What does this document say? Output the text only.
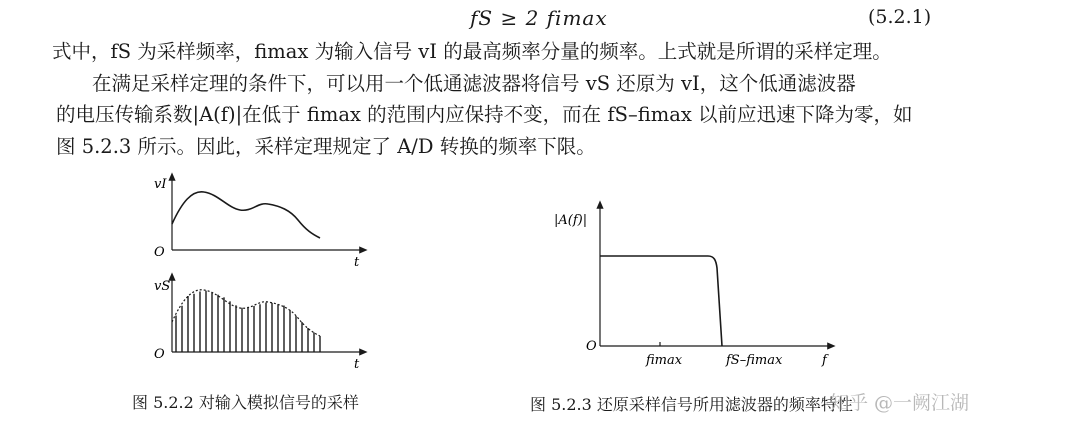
fS ≥ 2 fimax	(5.2.1)
式中，fS 为采样频率，fimax 为输入信号 vI 的最高频率分量的频率。上式就是所谓的采样定理。
在满足采样定理的条件下，可以用一个低通滤波器将信号 vS 还原为 vI，这个低通滤波器
的电压传输系数|A(f)|在低于 fimax 的范围内应保持不变，而在 fS–fimax 以前应迅速下降为零，如
图 5.2.3 所示。因此，采样定理规定了 A/D 转换的频率下限。
vI
O
t
vS
O
t
|A(f)|
O
f
fimax	fS–fimax
图 5.2.2 对输入模拟信号的采样	图 5.2.3 还原采样信号所用滤波器的频率特性
知乎 @一阙江湖
